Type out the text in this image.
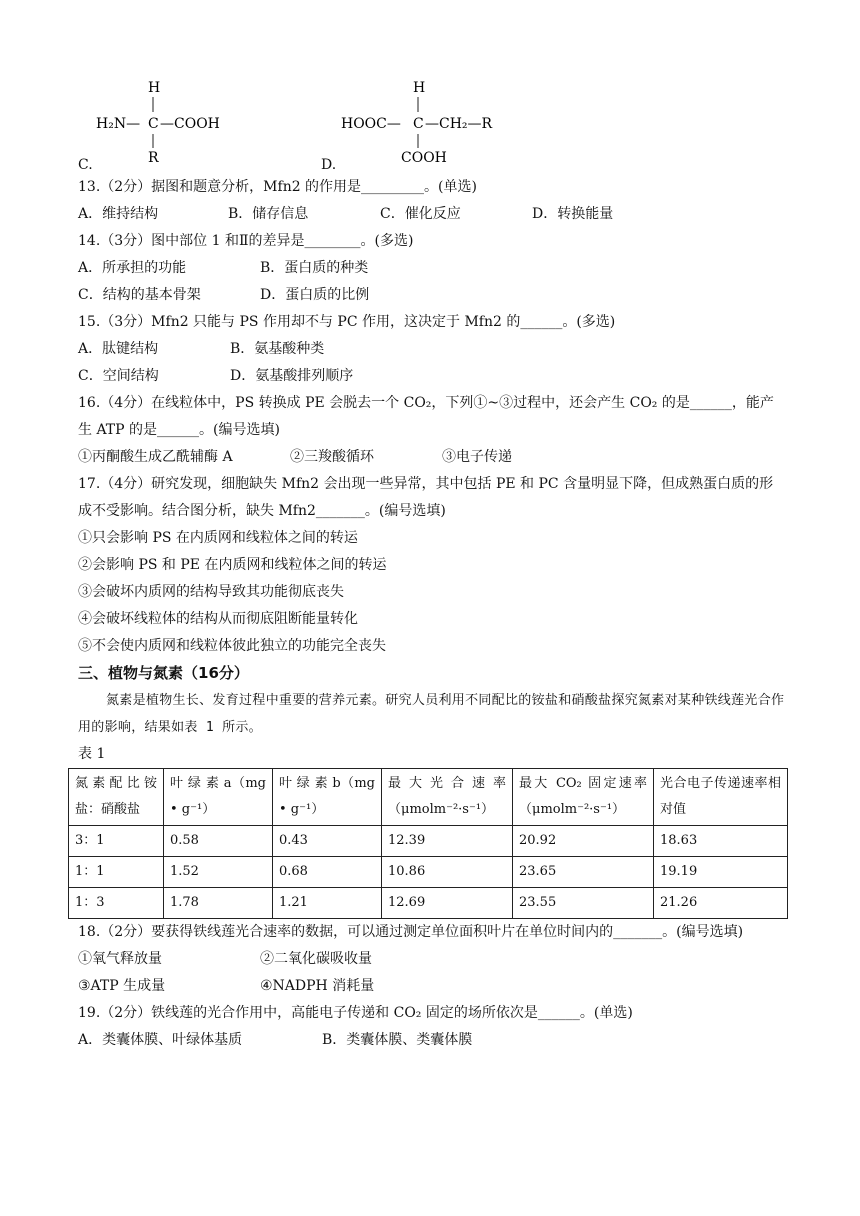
H
H₂N— C —COOH
R
C.
H
HOOC— C —CH₂—R
COOH
D.
13.（2分）据图和题意分析，Mfn2 的作用是_________。(单选)
A．维持结构	B．储存信息	C．催化反应	D．转换能量
14.（3分）图中部位 1 和Ⅱ的差异是________。(多选)
A．所承担的功能	B．蛋白质的种类
C．结构的基本骨架	D．蛋白质的比例
15.（3分）Mfn2 只能与 PS 作用却不与 PC 作用，这决定于 Mfn2 的______。(多选)
A．肽键结构	B．氨基酸种类
C．空间结构	D．氨基酸排列顺序
16.（4分）在线粒体中，PS 转换成 PE 会脱去一个 CO₂，下列①~③过程中，还会产生 CO₂ 的是______，能产生 ATP 的是______。(编号选填)
①丙酮酸生成乙酰辅酶 A	②三羧酸循环	③电子传递
17.（4分）研究发现，细胞缺失 Mfn2 会出现一些异常，其中包括 PE 和 PC 含量明显下降，但成熟蛋白质的形成不受影响。结合图分析，缺失 Mfn2_______。(编号选填)
①只会影响 PS 在内质网和线粒体之间的转运
②会影响 PS 和 PE 在内质网和线粒体之间的转运
③会破坏内质网的结构导致其功能彻底丧失
④会破坏线粒体的结构从而彻底阻断能量转化
⑤不会使内质网和线粒体彼此独立的功能完全丧失
三、植物与氮素（16分）
氮素是植物生长、发育过程中重要的营养元素。研究人员利用不同配比的铵盐和硝酸盐探究氮素对某种铁线莲光合作用的影响，结果如表 1 所示。
表 1
氮素配比铵盐：硝酸盐	叶 绿 素 a（mg • g⁻¹）	叶 绿 素 b（mg • g⁻¹）	最大光合速率（μmolm⁻²·s⁻¹）	最大 CO₂ 固定速率（μmolm⁻²·s⁻¹）	光合电子传递速率相对值
3：1	0.58	0.43	12.39	20.92	18.63
1：1	1.52	0.68	10.86	23.65	19.19
1：3	1.78	1.21	12.69	23.55	21.26
18.（2分）要获得铁线莲光合速率的数据，可以通过测定单位面积叶片在单位时间内的_______。(编号选填)
①氧气释放量	②二氧化碳吸收量
③ATP 生成量	④NADPH 消耗量
19.（2分）铁线莲的光合作用中，高能电子传递和 CO₂ 固定的场所依次是______。(单选)
A．类囊体膜、叶绿体基质	B．类囊体膜、类囊体膜
